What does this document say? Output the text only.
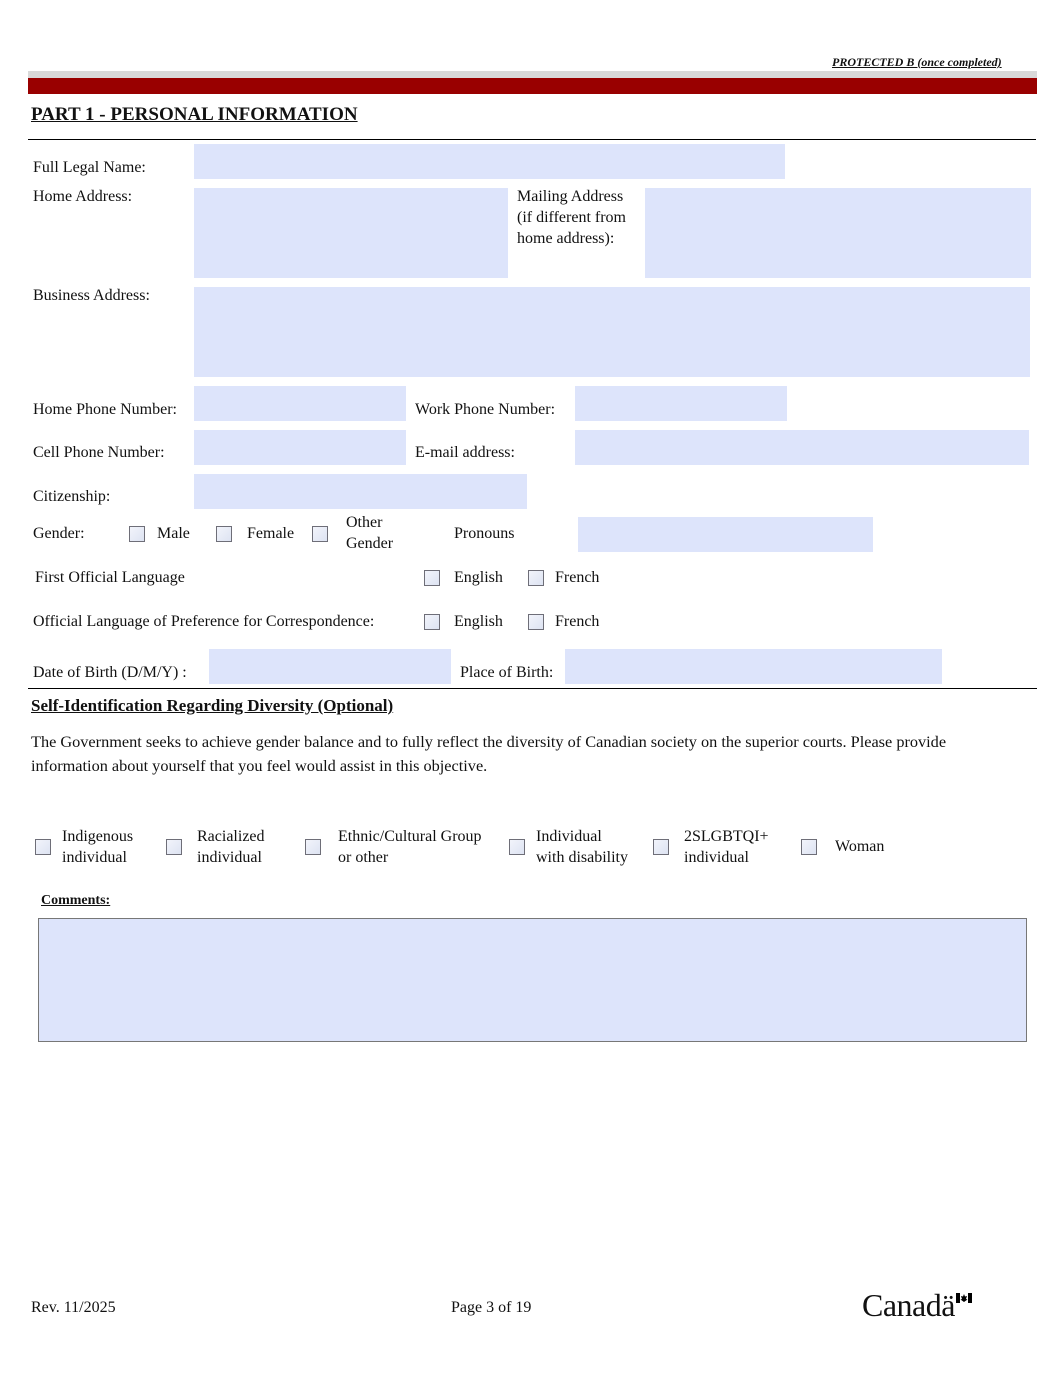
PROTECTED B (once completed)
PART 1 - PERSONAL INFORMATION
Full Legal Name:
Home Address:	Mailing Address
(if different from
home address):
Business Address:
Home Phone Number:	Work Phone Number:
Cell Phone Number:	E-mail address:
Citizenship:
Gender:	Male	Female
Other
Gender
Pronouns
First Official Language	English	French
Official Language of Preference for Correspondence:	English	French
Date of Birth (D/M/Y) :	Place of Birth:
Self-Identification Regarding Diversity (Optional)
The Government seeks to achieve gender balance and to fully reflect the diversity of Canadian society on the superior courts. Please provide
information about yourself that you feel would assist in this objective.
Indigenous
individual
Racialized
individual
Ethnic/Cultural Group
or other
Individual
with disability
2SLGBTQI+
individual
Woman
Comments:
Rev. 11/2025	Page 3 of 19	Canadä
